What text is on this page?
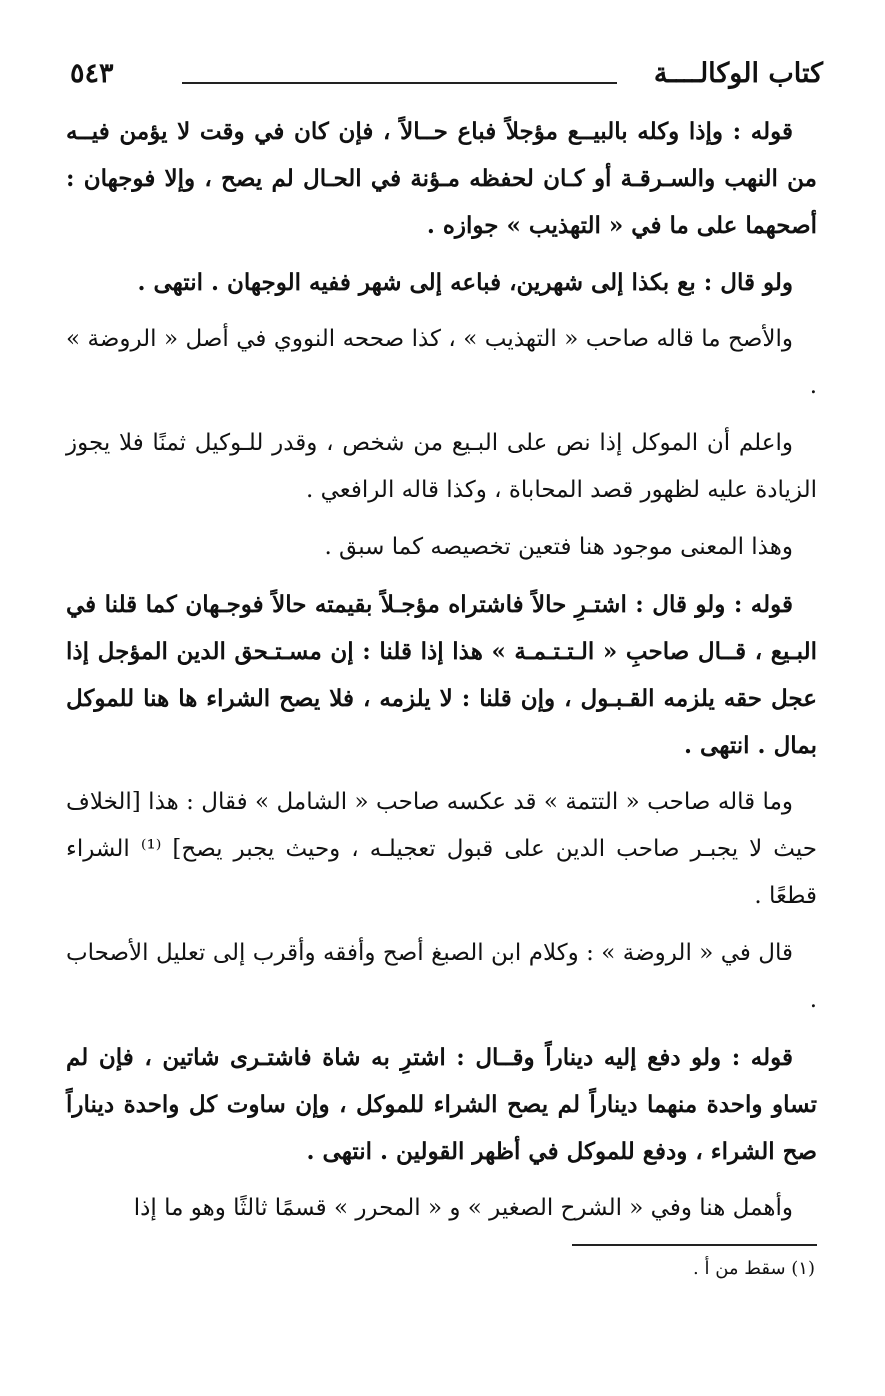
كتاب الوكالــــة
٥٤٣

قوله : وإذا وكله بالبيــع مؤجلاً فباع حــالاً ، فإن كان في وقت لا يؤمن فيــه من النهب والسـرقـة أو كـان لحفظه مـؤنة في الحـال لم يصح ، وإلا فوجهان : أصحهما على ما في « التهذيب » جوازه .

ولو قال : بع بكذا إلى شهرين، فباعه إلى شهر ففيه الوجهان . انتهى .

والأصح ما قاله صاحب « التهذيب » ، كذا صححه النووي في أصل « الروضة » .

واعلم أن الموكل إذا نص على البـيع من شخص ، وقدر للـوكيل ثمنًا فلا يجوز الزيادة عليه لظهور قصد المحاباة ، وكذا قاله الرافعي .

وهذا المعنى موجود هنا فتعين تخصيصه كما سبق .

قوله : ولو قال : اشتـرِ حالاً فاشتراه مؤجـلاً بقيمته حالاً فوجـهان كما قلنا في البـيع ، قــال صاحبِ « الـتـتـمـة » هذا إذا قلنا : إن مسـتـحق الدين المؤجل إذا عجل حقه يلزمه القـبـول ، وإن قلنا : لا يلزمه ، فلا يصح الشراء ها هنا للموكل بمال . انتهى .

وما قاله صاحب « التتمة » قد عكسه صاحب « الشامل » فقال : هذا [الخلاف حيث لا يجبـر صاحب الدين على قبول تعجيلـه ، وحيث يجبر يصح] ⁽¹⁾ الشراء قطعًا .

قال في « الروضة » : وكلام ابن الصبغ أصح وأفقه وأقرب إلى تعليل الأصحاب .

قوله : ولو دفع إليه ديناراً وقــال : اشترِ به شاة فاشتـرى شاتين ، فإن لم تساو واحدة منهما ديناراً لم يصح الشراء للموكل ، وإن ساوت كل واحدة ديناراً صح الشراء ، ودفع للموكل في أظهر القولين . انتهى .

وأهمل هنا وفي « الشرح الصغير » و « المحرر » قسمًا ثالثًا وهو ما إذا

(١) سقط من أ .
